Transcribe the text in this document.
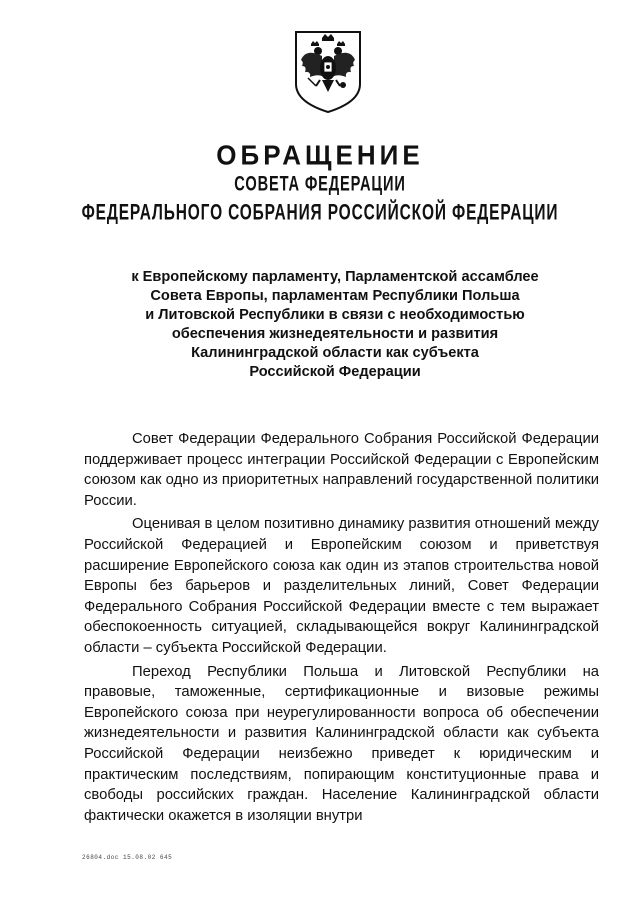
ОБРАЩЕНИЕ
СОВЕТА ФЕДЕРАЦИИ
ФЕДЕРАЛЬНОГО СОБРАНИЯ РОССИЙСКОЙ ФЕДЕРАЦИИ
к Европейскому парламенту, Парламентской ассамблее
Совета Европы, парламентам Республики Польша
и Литовской Республики в связи с необходимостью
обеспечения жизнедеятельности и развития
Калининградской области как субъекта
Российской Федерации

Совет Федерации Федерального Собрания Российской Федерации поддерживает процесс интеграции Российской Федерации с Европейским союзом как одно из приоритетных направлений государственной политики России.

Оценивая в целом позитивно динамику развития отношений между Российской Федерацией и Европейским союзом и приветствуя расширение Европейского союза как один из этапов строительства новой Европы без барьеров и разделительных линий, Совет Федерации Федерального Собрания Российской Федерации вместе с тем выражает обеспокоенность ситуацией, складывающейся вокруг Калининградской области – субъекта Российской Федерации.

Переход Республики Польша и Литовской Республики на правовые, таможенные, сертификационные и визовые режимы Европейского союза при неурегулированности вопроса об обеспечении жизнедеятельности и развития Калининградской области как субъекта Российской Федерации неизбежно приведет к юридическим и практическим последствиям, попирающим конституционные права и свободы российских граждан. Население Калининградской области фактически окажется в изоляции внутри

26804.doc 15.08.02 645
